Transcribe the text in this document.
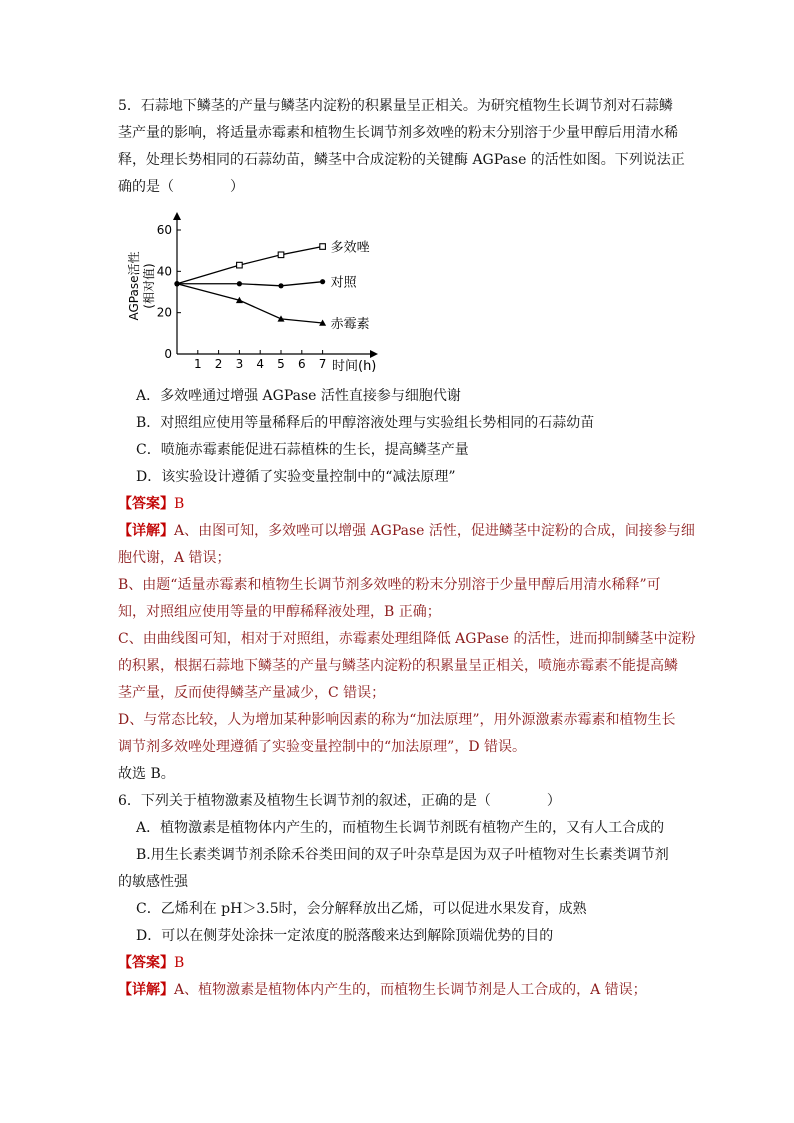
5．石蒜地下鳞茎的产量与鳞茎内淀粉的积累量呈正相关。为研究植物生长调节剂对石蒜鳞
茎产量的影响，将适量赤霉素和植物生长调节剂多效唑的粉末分别溶于少量甲醇后用清水稀
释，处理长势相同的石蒜幼苗，鳞茎中合成淀粉的关键酶 AGPase 的活性如图。下列说法正
确的是（　　　　）
0
20
40
60
1 2 3 4 5 6 7 时间(h)
AGPase活性 (相对值)
多效唑
对照
赤霉素
A．多效唑通过增强 AGPase 活性直接参与细胞代谢
B．对照组应使用等量稀释后的甲醇溶液处理与实验组长势相同的石蒜幼苗
C．喷施赤霉素能促进石蒜植株的生长，提高鳞茎产量
D．该实验设计遵循了实验变量控制中的“减法原理”
【答案】B
【详解】A、由图可知，多效唑可以增强 AGPase 活性，促进鳞茎中淀粉的合成，间接参与细
胞代谢，A 错误；
B、由题“适量赤霉素和植物生长调节剂多效唑的粉末分别溶于少量甲醇后用清水稀释”可
知，对照组应使用等量的甲醇稀释液处理，B 正确；
C、由曲线图可知，相对于对照组，赤霉素处理组降低 AGPase 的活性，进而抑制鳞茎中淀粉
的积累，根据石蒜地下鳞茎的产量与鳞茎内淀粉的积累量呈正相关，喷施赤霉素不能提高鳞
茎产量，反而使得鳞茎产量减少，C 错误；
D、与常态比较，人为增加某种影响因素的称为“加法原理”，用外源激素赤霉素和植物生长
调节剂多效唑处理遵循了实验变量控制中的“加法原理”，D 错误。
故选 B。
6．下列关于植物激素及植物生长调节剂的叙述，正确的是（　　　　）
A．植物激素是植物体内产生的，而植物生长调节剂既有植物产生的，又有人工合成的
B.用生长素类调节剂杀除禾谷类田间的双子叶杂草是因为双子叶植物对生长素类调节剂
的敏感性强
C．乙烯利在 pH＞3.5时，会分解释放出乙烯，可以促进水果发育，成熟
D．可以在侧芽处涂抹一定浓度的脱落酸来达到解除顶端优势的目的
【答案】B
【详解】A、植物激素是植物体内产生的，而植物生长调节剂是人工合成的，A 错误；
